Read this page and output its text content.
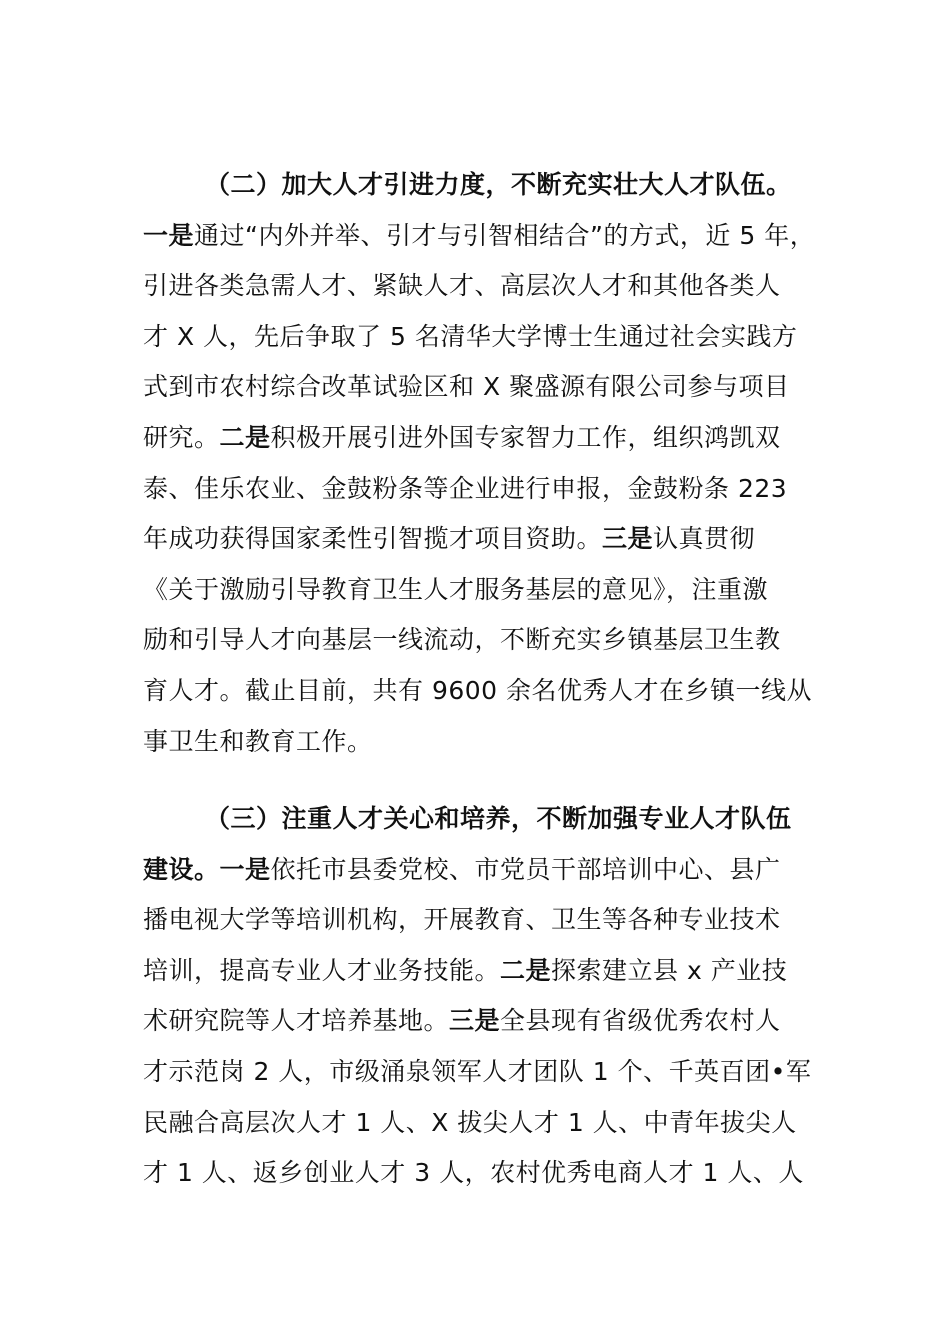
（二）加大人才引进力度，不断充实壮大人才队伍。
一是通过“内外并举、引才与引智相结合”的方式，近 5 年，
引进各类急需人才、紧缺人才、高层次人才和其他各类人
才 X 人，先后争取了 5 名清华大学博士生通过社会实践方
式到市农村综合改革试验区和 X 聚盛源有限公司参与项目
研究。二是积极开展引进外国专家智力工作，组织鸿凯双
泰、佳乐农业、金鼓粉条等企业进行申报，金鼓粉条 223
年成功获得国家柔性引智揽才项目资助。三是认真贯彻
《关于激励引导教育卫生人才服务基层的意见》，注重激
励和引导人才向基层一线流动，不断充实乡镇基层卫生教
育人才。截止目前，共有 9600 余名优秀人才在乡镇一线从
事卫生和教育工作。
（三）注重人才关心和培养，不断加强专业人才队伍
建设。一是依托市县委党校、市党员干部培训中心、县广
播电视大学等培训机构，开展教育、卫生等各种专业技术
培训，提高专业人才业务技能。二是探索建立县 x 产业技
术研究院等人才培养基地。三是全县现有省级优秀农村人
才示范岗 2 人，市级涌泉领军人才团队 1 个、千英百团•军
民融合高层次人才 1 人、X 拔尖人才 1 人、中青年拔尖人
才 1 人、返乡创业人才 3 人，农村优秀电商人才 1 人、人
